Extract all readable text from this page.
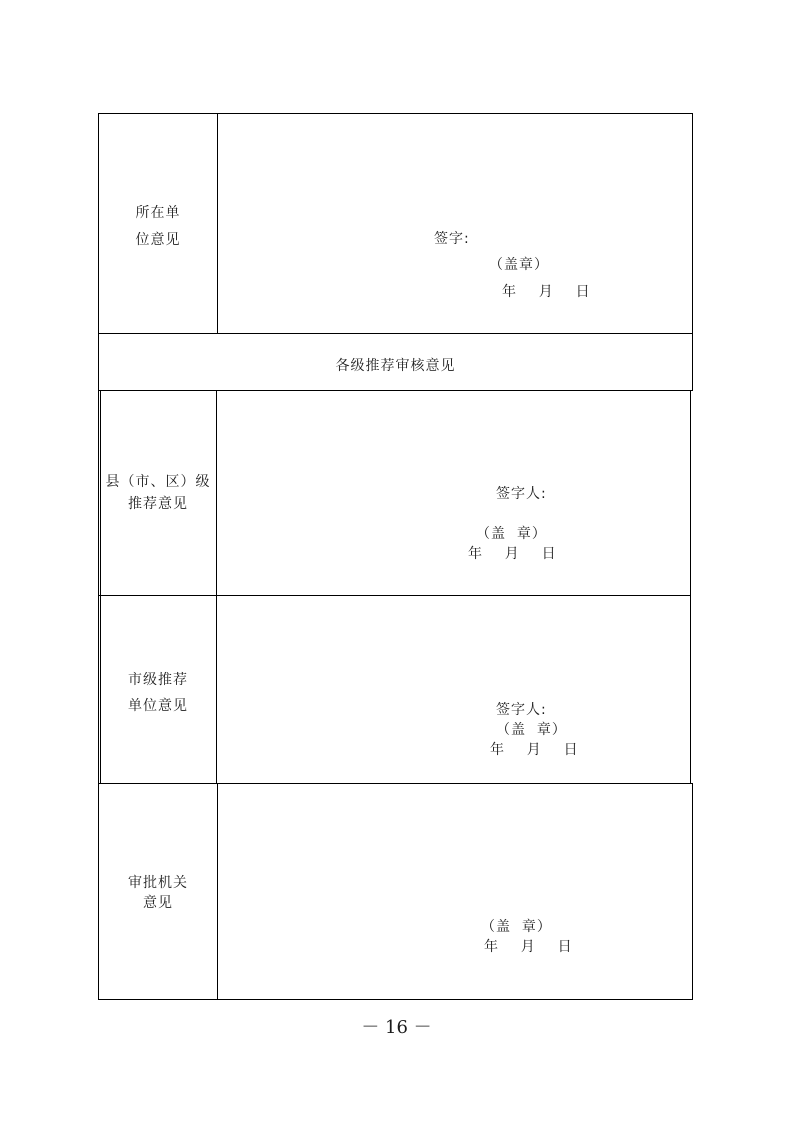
所在单
位意见	签字:
（盖章）
年    月    日
各级推荐审核意见
县（市、区）级
推荐意见
签字人:
（盖  章）
年    月    日
市级推荐
单位意见	签字人:
（盖  章）
年    月    日
审批机关
意见
（盖  章）
年    月    日
－ 16 －
